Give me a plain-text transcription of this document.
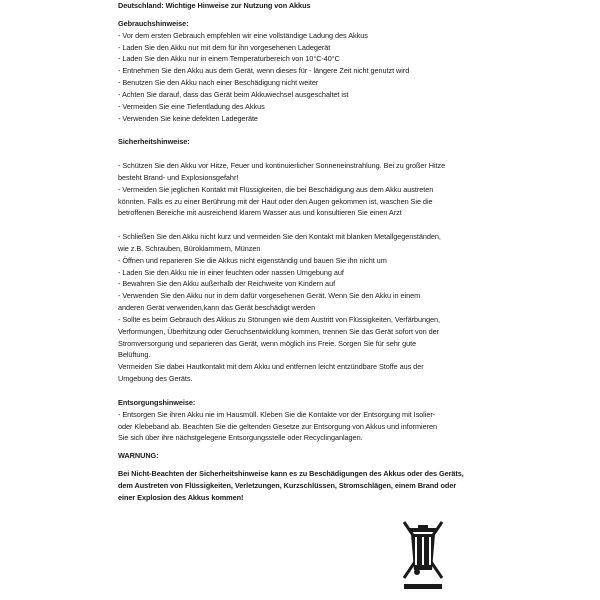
Deutschland: Wichtige Hinweise zur Nutzung von Akkus
Gebrauchshinweise:
- Vor dem ersten Gebrauch empfehlen wir eine vollständige Ladung des Akkus
- Laden Sie den Akku nur mit dem für ihn vorgesehenen Ladegerät
- Laden Sie den Akku nur in einem Temperaturbereich von 10°C-40°C
- Entnehmen Sie den Akku aus dem Gerät, wenn dieses für - längere Zeit nicht genutzt wird
- Benutzen Sie den Akku nach einer Beschädigung nicht weiter
- Achten Sie darauf, dass das Gerät beim Akkuwechsel ausgeschaltet ist
- Vermeiden Sie eine Tiefentladung des Akkus
- Verwenden Sie keine defekten Ladegeräte
Sicherheitshinweise:
- Schützen Sie den Akku vor Hitze, Feuer und kontinuierlicher Sonneneinstrahlung. Bei zu großer Hitze
besteht Brand- und Explosionsgefahr!
- Vermeiden Sie jeglichen Kontakt mit Flüssigkeiten, die bei Beschädigung aus dem Akku austreten
könnten. Falls es zu einer Berührung mit der Haut oder den Augen gekommen ist, waschen Sie die
betroffenen Bereiche mit ausreichend klarem Wasser aus und konsultieren Sie einen Arzt
- Schließen Sie den Akku nicht kurz und vermeiden Sie den Kontakt mit blanken Metallgegenständen,
wie z.B. Schrauben, Büroklammern, Münzen
- Öffnen und reparieren Sie die Akkus nicht eigenständig und bauen Sie ihn nicht um
- Laden Sie den Akku nie in einer feuchten oder nassen Umgebung auf
- Bewahren Sie den Akku außerhalb der Reichweite von Kindern auf
- Verwenden Sie den Akku nur in dem dafür vorgesehenen Gerät. Wenn Sie den Akku in einem
anderen Gerät verwenden,kann das Gerät beschädigt werden
- Sollte es beim Gebrauch des Akkus zu Störungen wie dem Austritt von Flüssigkeiten, Verfärbungen,
Verformungen, Überhitzung oder Geruchsentwicklung kommen, trennen Sie das Gerät sofort von der
Stromversorgung und separieren das Gerät, wenn möglich ins Freie. Sorgen Sie für sehr gute
Belüftung.
Vermeiden Sie dabei Hautkontakt mit dem Akku und entfernen leicht entzündbare Stoffe aus der
Umgebung des Geräts.
Entsorgungshinweise:
- Entsorgen Sie ihren Akku nie im Hausmüll. Kleben Sie die Kontakte vor der Entsorgung mit Isolier-
oder Klebeband ab. Beachten Sie die geltenden Gesetze zur Entsorgung von Akkus und informieren
Sie sich über ihre nächstgelegene Entsorgungsstelle oder Recyclinganlagen.
WARNUNG:
Bei Nicht-Beachten der Sicherheitshinweise kann es zu Beschädigungen des Akkus oder des Geräts,
dem Austreten von Flüssigkeiten, Verletzungen, Kurzschlüssen, Stromschlägen, einem Brand oder
einer Explosion des Akkus kommen!
